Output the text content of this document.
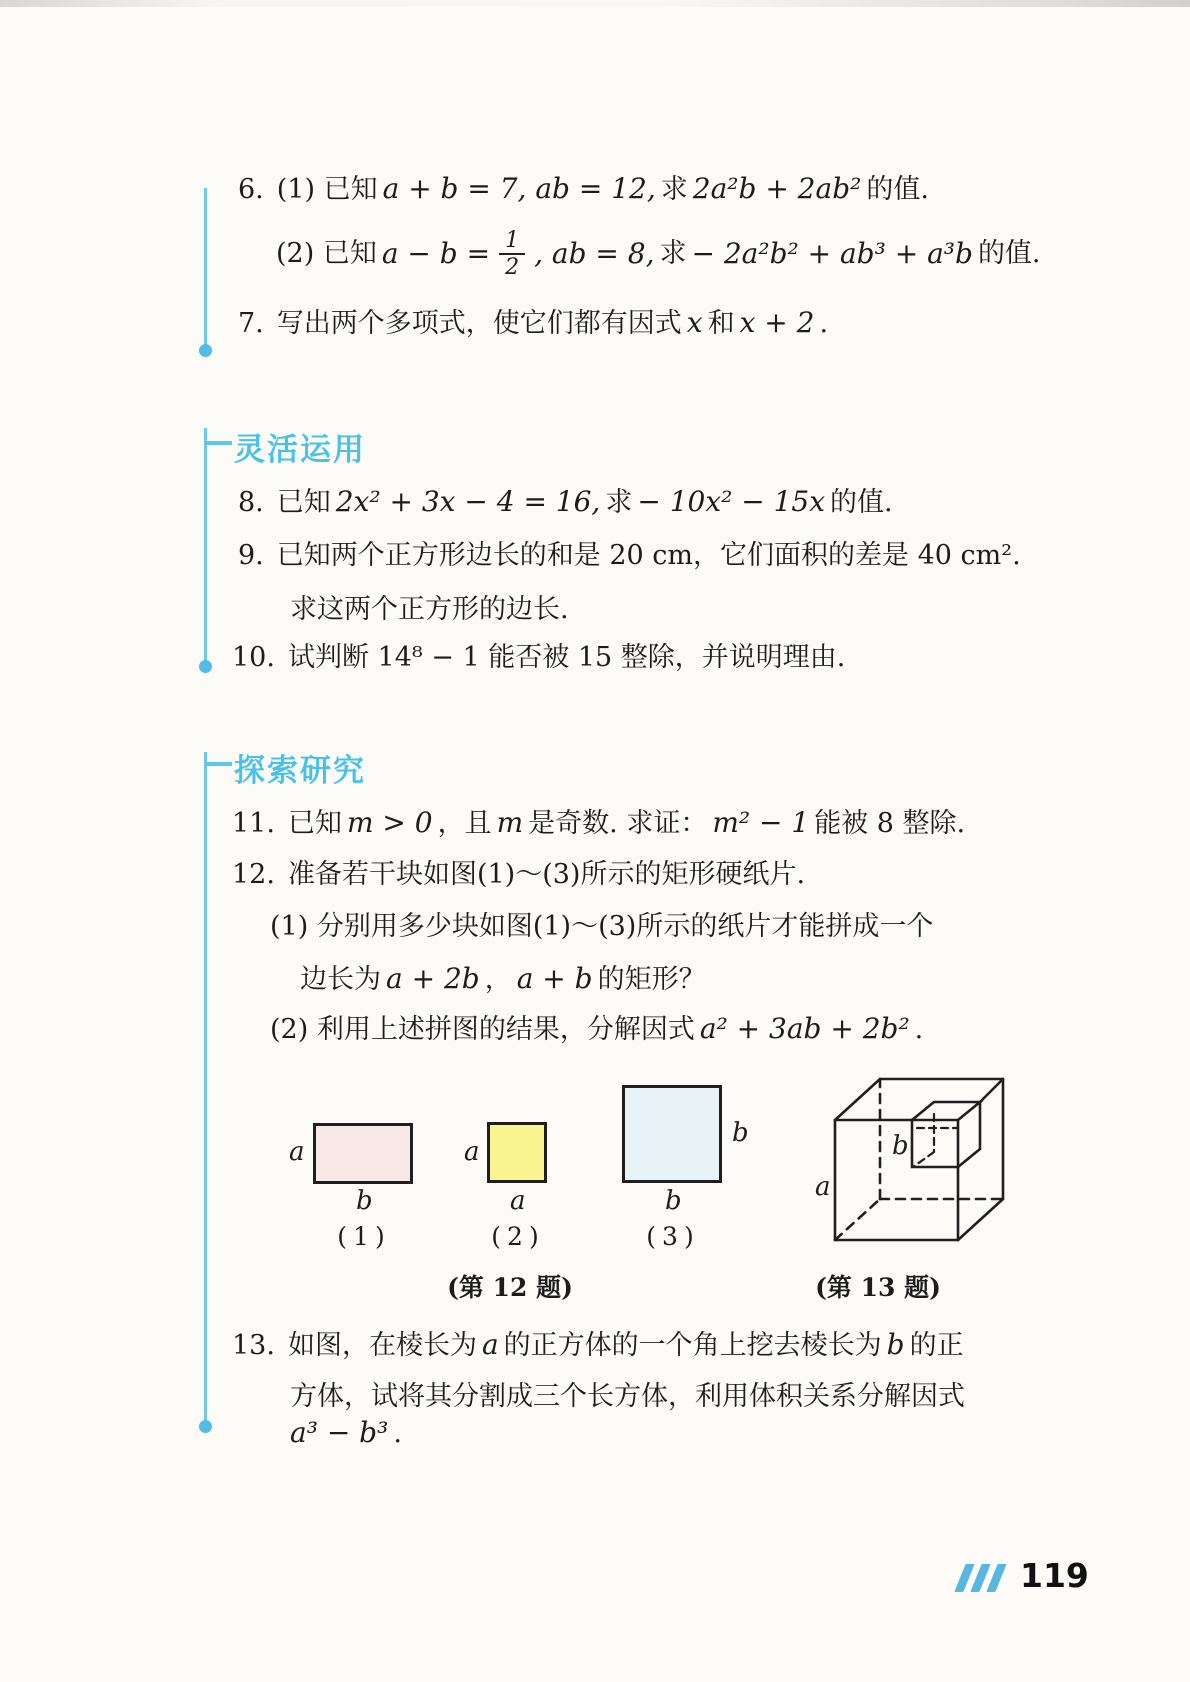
6. (1) 已知 a + b = 7, ab = 12, 求 2a²b + 2ab² 的值.
(2) 已知 $a - b = \frac{1}{2}$ , ab = 8, 求 − 2a²b² + ab³ + a³b 的值.
7. 写出两个多项式，使它们都有因式 x 和 x + 2 .
灵活运用
8. 已知 2x² + 3x − 4 = 16, 求 − 10x² − 15x 的值.
9. 已知两个正方形边长的和是 20 cm，它们面积的差是 40 cm².
求这两个正方形的边长.
10. 试判断 14⁸ − 1 能否被 15 整除，并说明理由.
探索研究
11. 已知 m > 0 ，且 m 是奇数. 求证： m² − 1 能被 8 整除.
12. 准备若干块如图(1)～(3)所示的矩形硬纸片.
(1) 分别用多少块如图(1)～(3)所示的纸片才能拼成一个
边长为 a + 2b ， a + b 的矩形？
(2) 利用上述拼图的结果，分解因式 a² + 3ab + 2b² .
a
b
a
a
b
b
(1)	(2)	(3)
(第 12 题)	(第 13 题)
a
b
13. 如图，在棱长为 a 的正方体的一个角上挖去棱长为 b 的正
方体，试将其分割成三个长方体，利用体积关系分解因式
a³ − b³ .
119
